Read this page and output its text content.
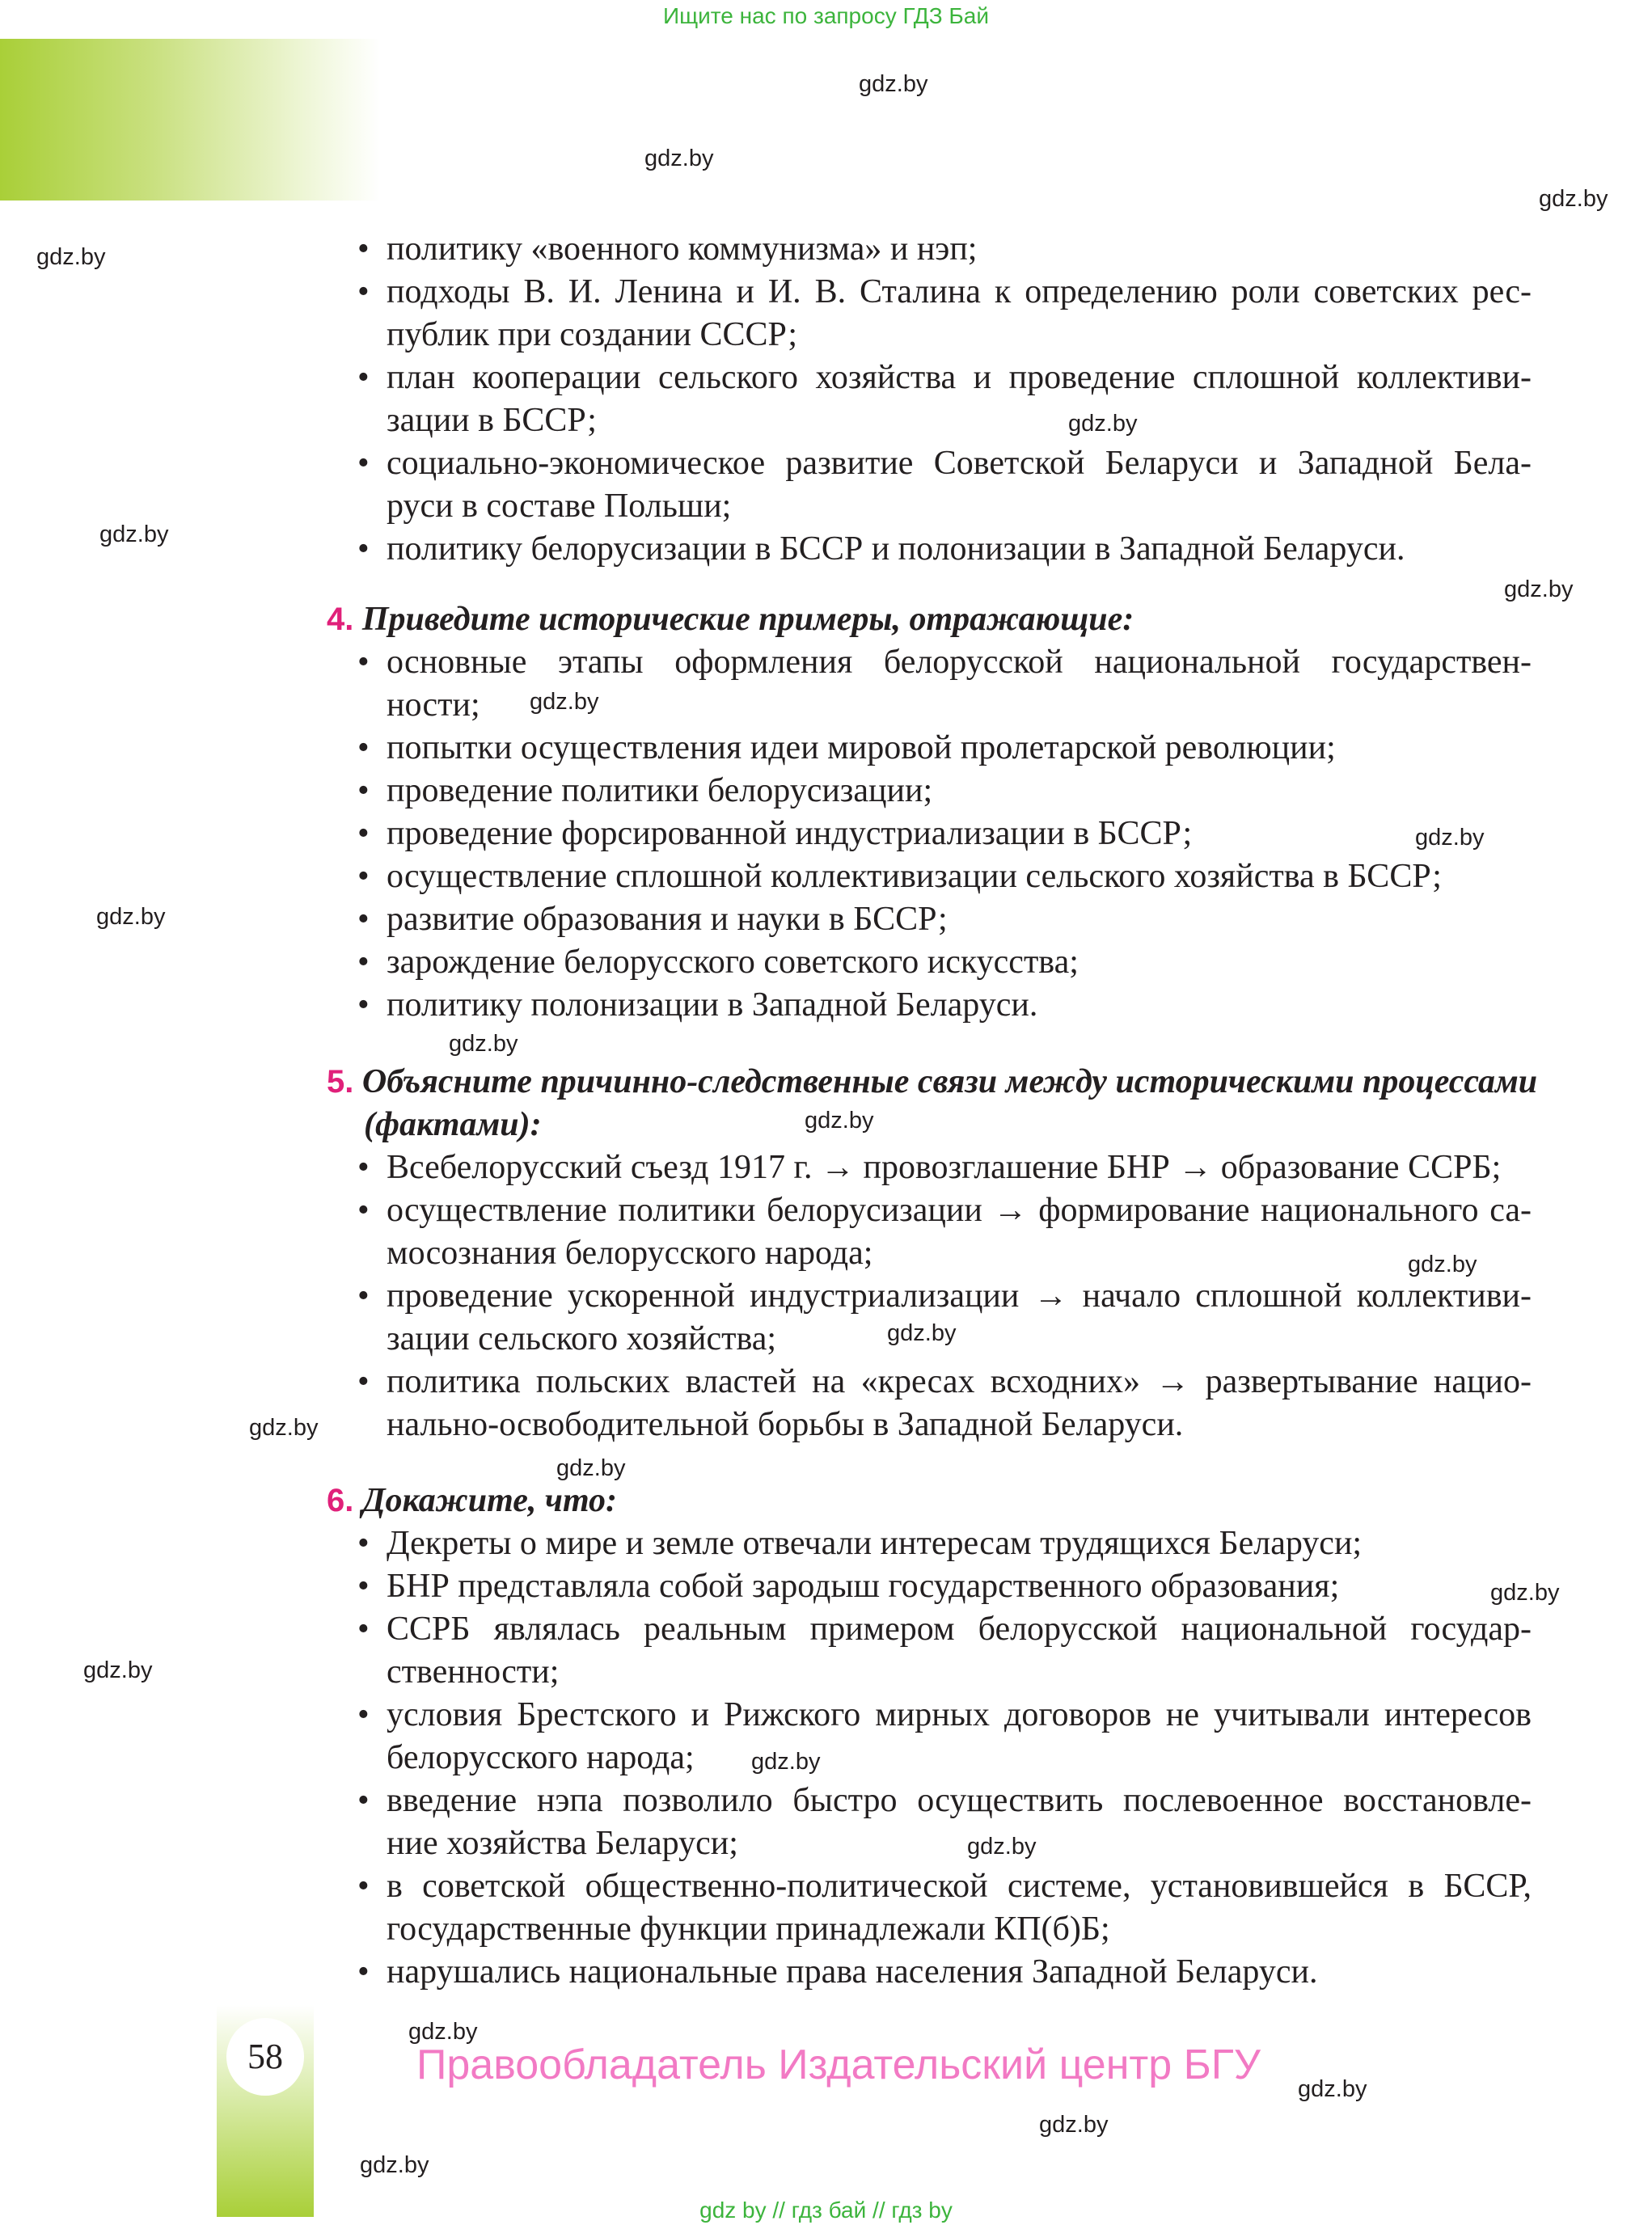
Ищите нас по запросу ГДЗ Бай
gdz.by
gdz.by
gdz.by
gdz.by
gdz.by
gdz.by
gdz.by
gdz.by
gdz.by
gdz.by
gdz.by
gdz.by
gdz.by
gdz.by
gdz.by
gdz.by
gdz.by
gdz.by
gdz.by
gdz.by
gdz.by
gdz.by
gdz.by
gdz.by
• политику «военного коммунизма» и нэп;
• подходы В. И. Ленина и И. В. Сталина к определению роли советских рес-
публик при создании СССР;
• план кооперации сельского хозяйства и проведение сплошной коллективи-
зации в БССР;
• социально-экономическое развитие Советской Беларуси и Западной Бела-
руси в составе Польши;
• политику белорусизации в БССР и полонизации в Западной Беларуси.
4. Приведите исторические примеры, отражающие:
• основные этапы оформления белорусской национальной государствен-
ности;
• попытки осуществления идеи мировой пролетарской революции;
• проведение политики белорусизации;
• проведение форсированной индустриализации в БССР;
• осуществление сплошной коллективизации сельского хозяйства в БССР;
• развитие образования и науки в БССР;
• зарождение белорусского советского искусства;
• политику полонизации в Западной Беларуси.
5. Объясните причинно-следственные связи между историческими процессами
(фактами):
• Всебелорусский съезд 1917 г. → провозглашение БНР → образование ССРБ;
• осуществление политики белорусизации → формирование национального са-
мосознания белорусского народа;
• проведение ускоренной индустриализации → начало сплошной коллективи-
зации сельского хозяйства;
• политика польских властей на «кресах всходних» → развертывание нацио-
нально-освободительной борьбы в Западной Беларуси.
6. Докажите, что:
• Декреты о мире и земле отвечали интересам трудящихся Беларуси;
• БНР представляла собой зародыш государственного образования;
• ССРБ являлась реальным примером белорусской национальной государ-
ственности;
• условия Брестского и Рижского мирных договоров не учитывали интересов
белорусского народа;
• введение нэпа позволило быстро осуществить послевоенное восстановле-
ние хозяйства Беларуси;
• в советской общественно-политической системе, установившейся в БССР,
государственные функции принадлежали КП(б)Б;
• нарушались национальные права населения Западной Беларуси.
58	Правообладатель Издательский центр БГУ
gdz by // гдз бай // гдз by
